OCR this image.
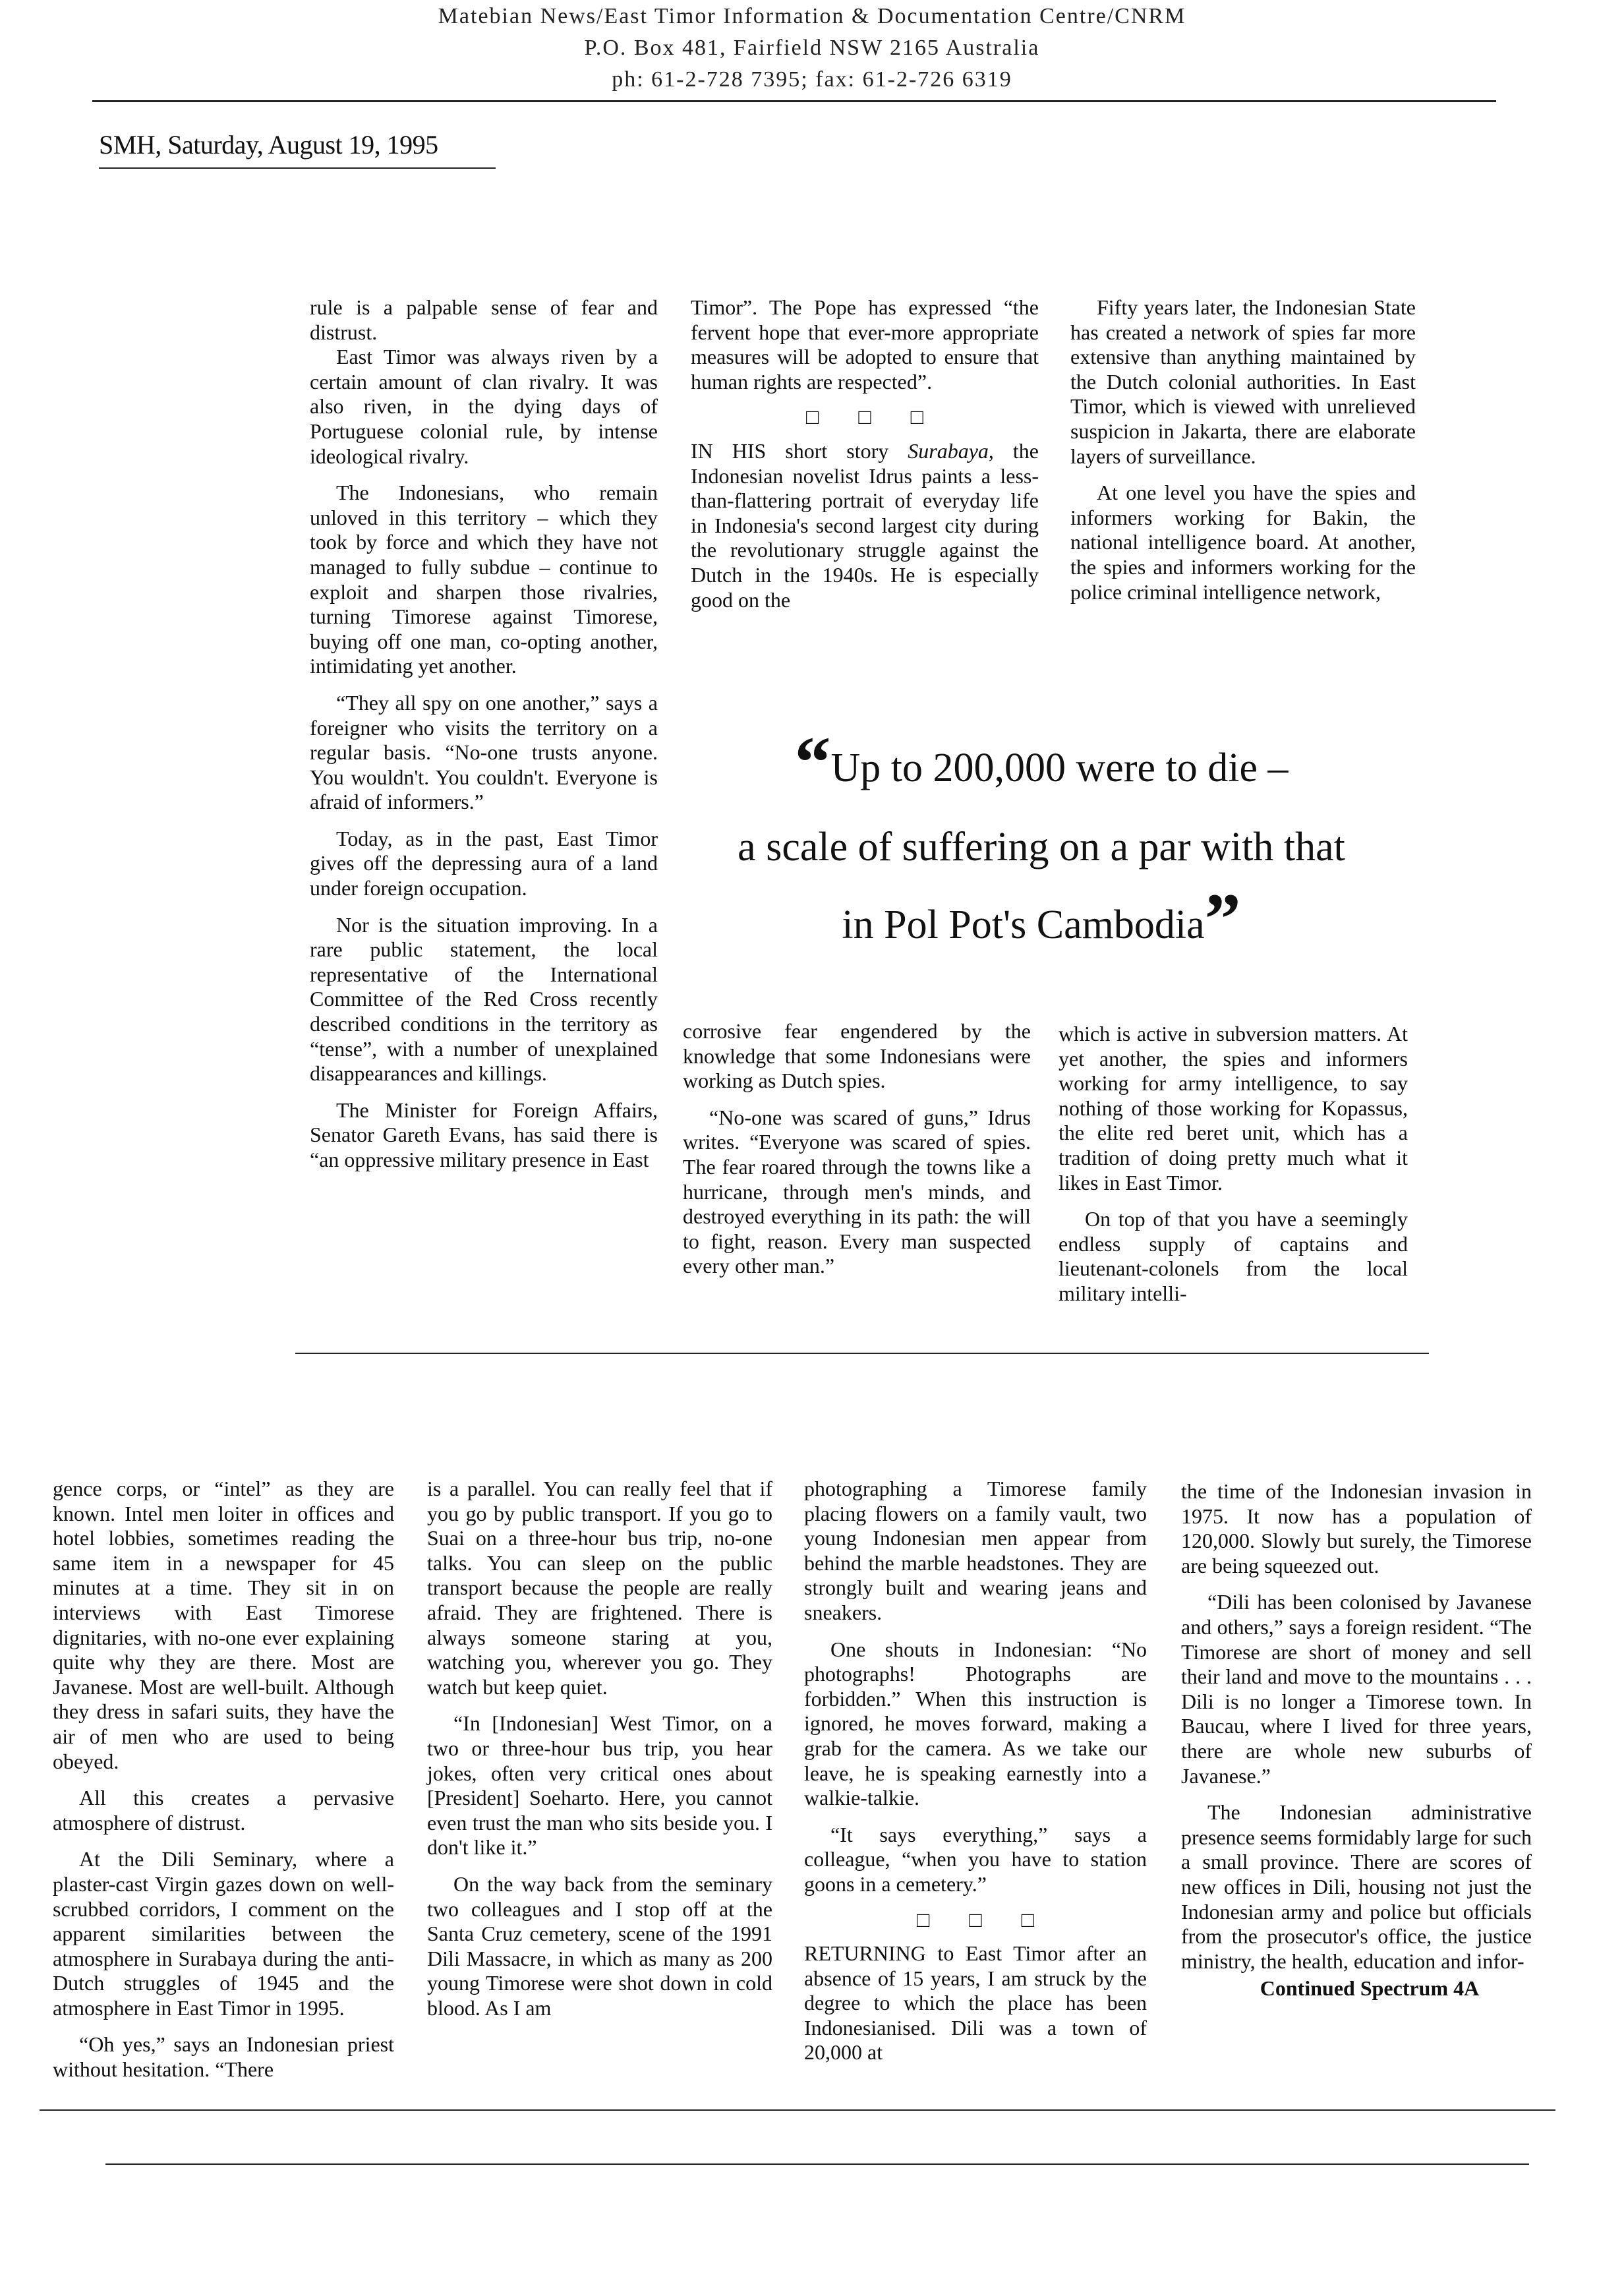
Matebian News/East Timor Information & Documentation Centre/CNRM
P.O. Box 481, Fairfield NSW 2165 Australia
ph: 61-2-728 7395; fax: 61-2-726 6319
SMH, Saturday, August 19, 1995

rule is a palpable sense of fear and distrust.

East Timor was always riven by a certain amount of clan rivalry. It was also riven, in the dying days of Portuguese colonial rule, by intense ideological rivalry.

The Indonesians, who remain unloved in this territory – which they took by force and which they have not managed to fully subdue – continue to exploit and sharpen those rivalries, turning Timorese against Timorese, buying off one man, co-opting another, intimidating yet another.

“They all spy on one another,” says a foreigner who visits the territory on a regular basis. “No-one trusts anyone. You wouldn't. You couldn't. Everyone is afraid of informers.”

Today, as in the past, East Timor gives off the depressing aura of a land under foreign occupation.

Nor is the situation improving. In a rare public statement, the local representative of the International Committee of the Red Cross recently described conditions in the territory as “tense”, with a number of unexplained disappearances and killings.

The Minister for Foreign Affairs, Senator Gareth Evans, has said there is “an oppressive military presence in East

Timor”. The Pope has expressed “the fervent hope that ever-more appropriate measures will be adopted to ensure that human rights are respected”.

□ □ □

IN HIS short story Surabaya, the Indonesian novelist Idrus paints a less-than-flattering portrait of everyday life in Indonesia's second largest city during the revolutionary struggle against the Dutch in the 1940s. He is especially good on the

Fifty years later, the Indonesian State has created a network of spies far more extensive than anything maintained by the Dutch colonial authorities. In East Timor, which is viewed with unrelieved suspicion in Jakarta, there are elaborate layers of surveillance.

At one level you have the spies and informers working for Bakin, the national intelligence board. At another, the spies and informers working for the police criminal intelligence network,

“Up to 200,000 were to die –
a scale of suffering on a par with that
in Pol Pot's Cambodia”

corrosive fear engendered by the knowledge that some Indonesians were working as Dutch spies.

“No-one was scared of guns,” Idrus writes. “Everyone was scared of spies. The fear roared through the towns like a hurricane, through men's minds, and destroyed everything in its path: the will to fight, reason. Every man suspected every other man.”

which is active in subversion matters. At yet another, the spies and informers working for army intelligence, to say nothing of those working for Kopassus, the elite red beret unit, which has a tradition of doing pretty much what it likes in East Timor.

On top of that you have a seemingly endless supply of captains and lieutenant-colonels from the local military intelli-

gence corps, or “intel” as they are known. Intel men loiter in offices and hotel lobbies, sometimes reading the same item in a newspaper for 45 minutes at a time. They sit in on interviews with East Timorese dignitaries, with no-one ever explaining quite why they are there. Most are Javanese. Most are well-built. Although they dress in safari suits, they have the air of men who are used to being obeyed.

All this creates a pervasive atmosphere of distrust.

At the Dili Seminary, where a plaster-cast Virgin gazes down on well-scrubbed corridors, I comment on the apparent similarities between the atmosphere in Surabaya during the anti-Dutch struggles of 1945 and the atmosphere in East Timor in 1995.

“Oh yes,” says an Indonesian priest without hesitation. “There

is a parallel. You can really feel that if you go by public transport. If you go to Suai on a three-hour bus trip, no-one talks. You can sleep on the public transport because the people are really afraid. They are frightened. There is always someone staring at you, watching you, wherever you go. They watch but keep quiet.

“In [Indonesian] West Timor, on a two or three-hour bus trip, you hear jokes, often very critical ones about [President] Soeharto. Here, you cannot even trust the man who sits beside you. I don't like it.”

On the way back from the seminary two colleagues and I stop off at the Santa Cruz cemetery, scene of the 1991 Dili Massacre, in which as many as 200 young Timorese were shot down in cold blood. As I am

photographing a Timorese family placing flowers on a family vault, two young Indonesian men appear from behind the marble headstones. They are strongly built and wearing jeans and sneakers.

One shouts in Indonesian: “No photographs! Photographs are forbidden.” When this instruction is ignored, he moves forward, making a grab for the camera. As we take our leave, he is speaking earnestly into a walkie-talkie.

“It says everything,” says a colleague, “when you have to station goons in a cemetery.”

□ □ □

RETURNING to East Timor after an absence of 15 years, I am struck by the degree to which the place has been Indonesianised. Dili was a town of 20,000 at

the time of the Indonesian invasion in 1975. It now has a population of 120,000. Slowly but surely, the Timorese are being squeezed out.

“Dili has been colonised by Javanese and others,” says a foreign resident. “The Timorese are short of money and sell their land and move to the mountains . . . Dili is no longer a Timorese town. In Baucau, where I lived for three years, there are whole new suburbs of Javanese.”

The Indonesian administrative presence seems formidably large for such a small province. There are scores of new offices in Dili, housing not just the Indonesian army and police but officials from the prosecutor's office, the justice ministry, the health, education and infor-

Continued Spectrum 4A
